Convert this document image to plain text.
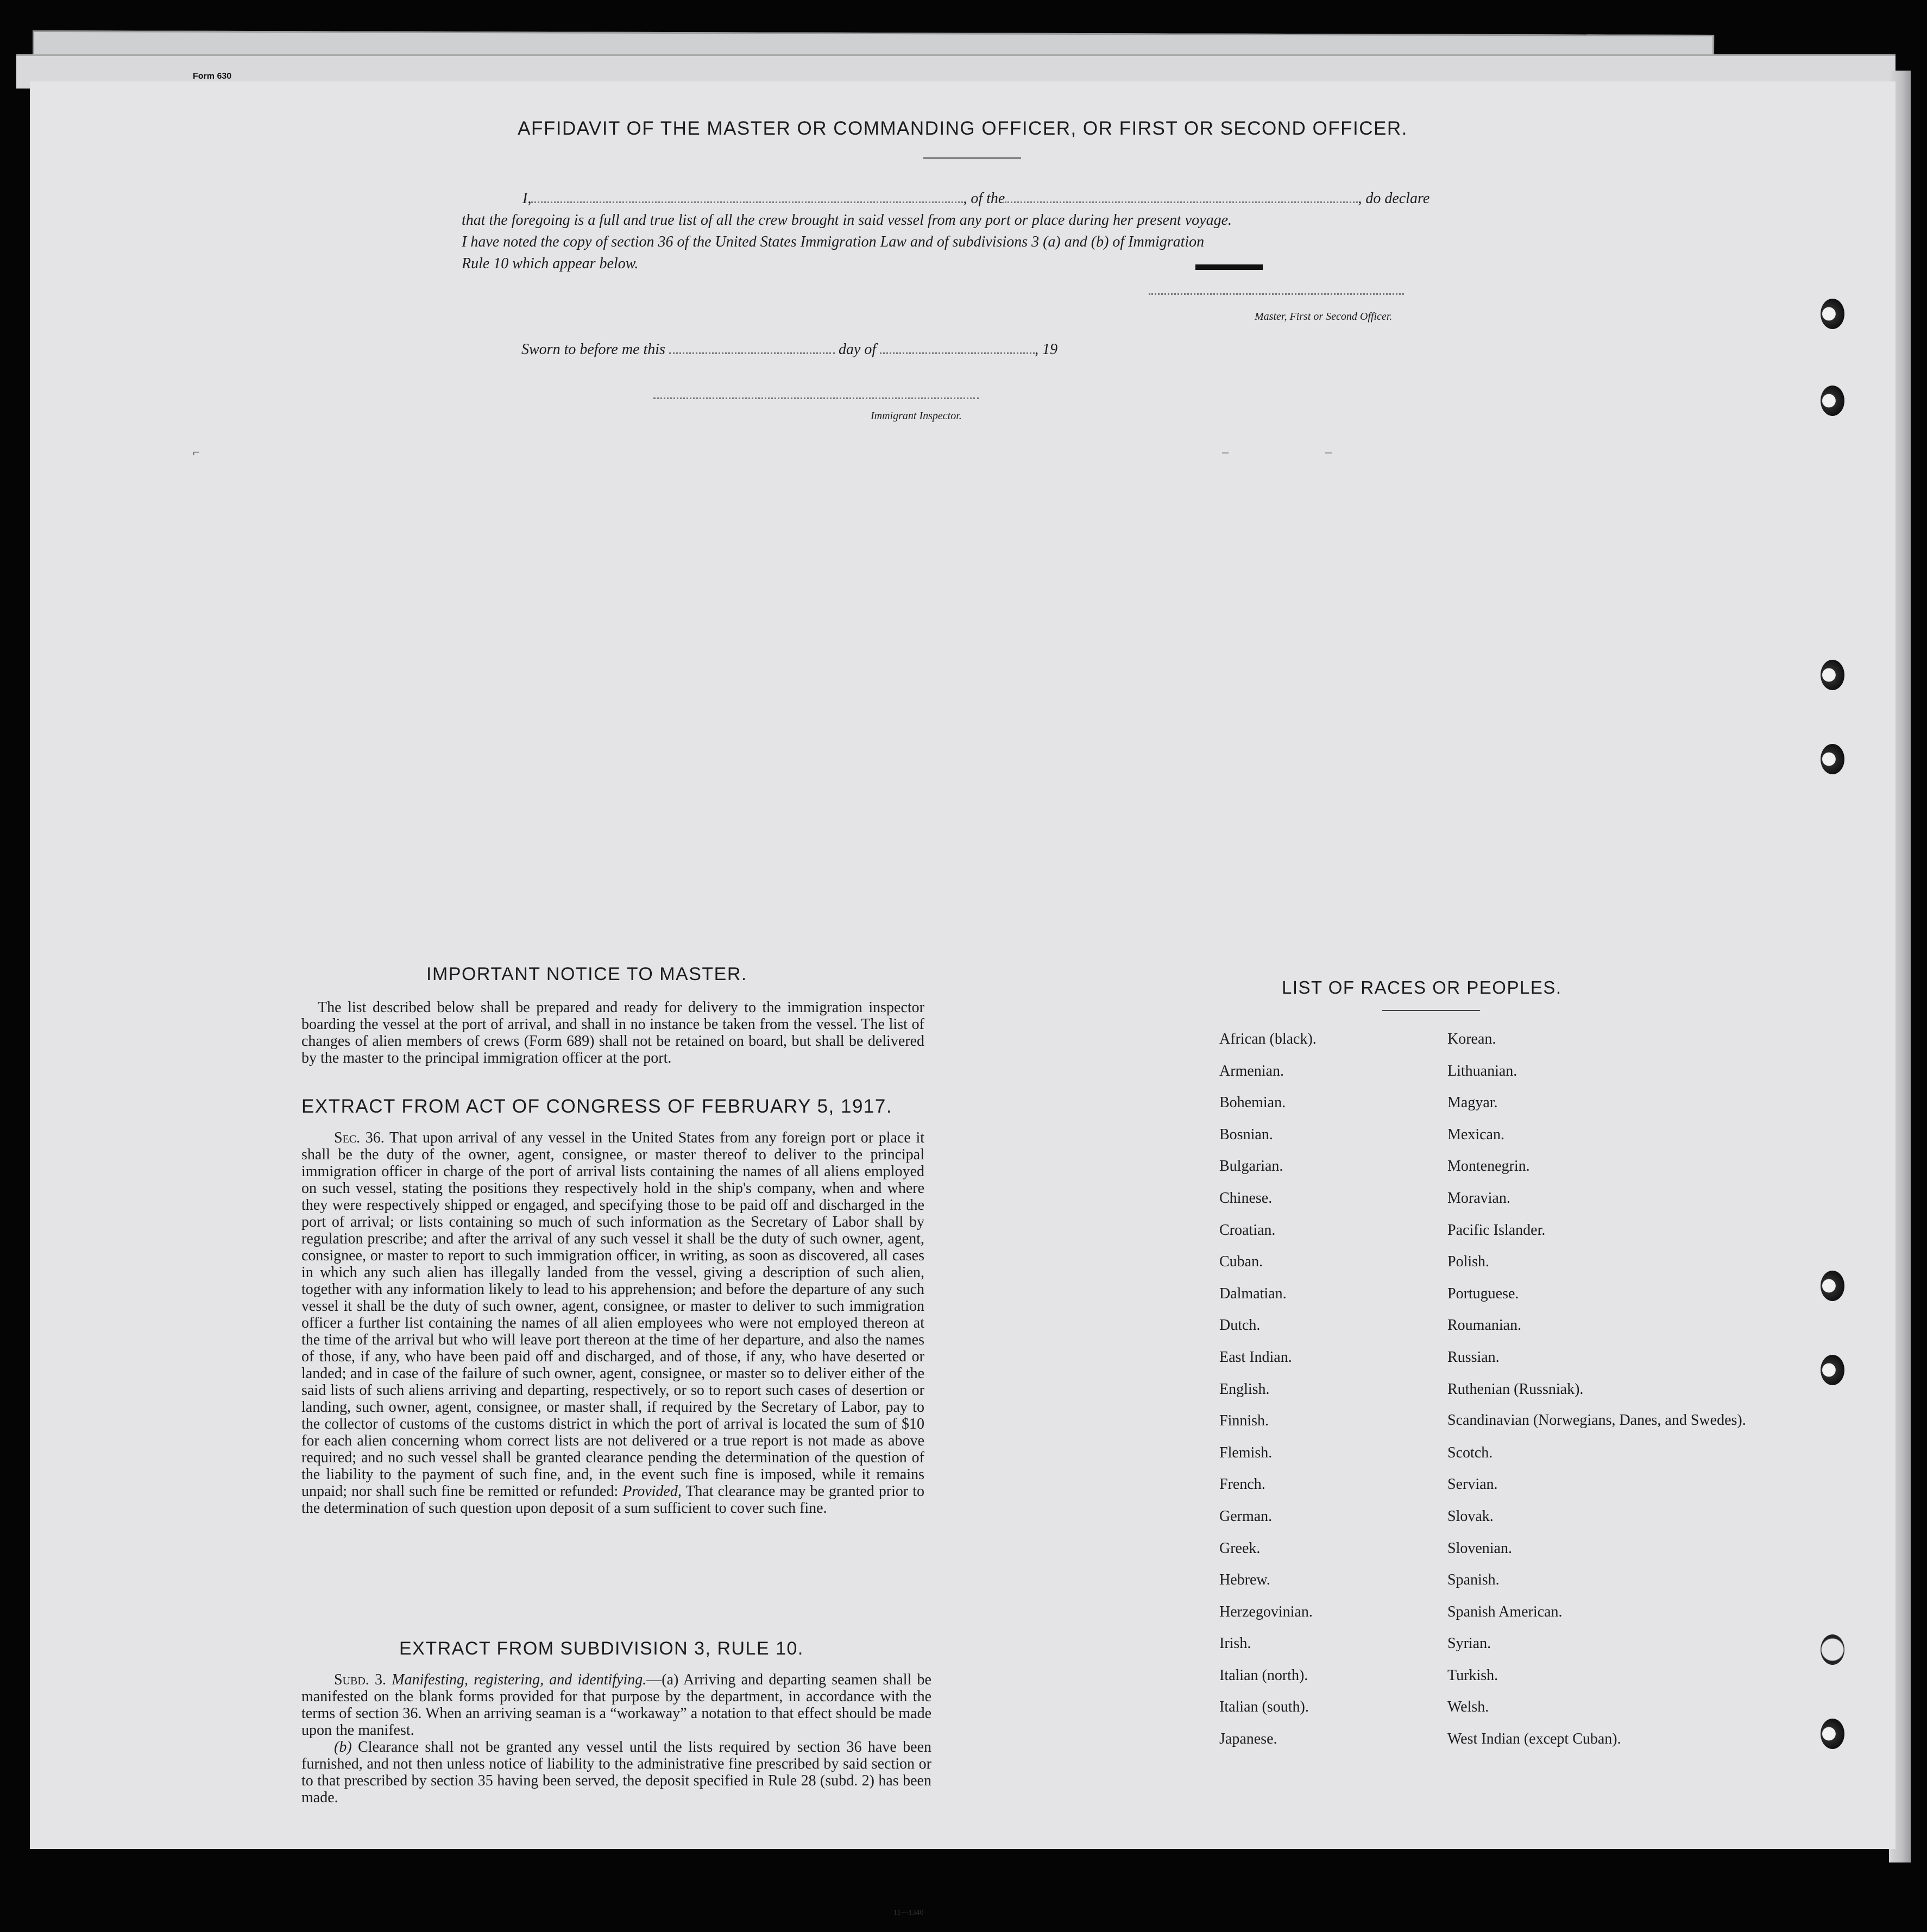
Form 630
AFFIDAVIT OF THE MASTER OR COMMANDING OFFICER, OR FIRST OR SECOND OFFICER.
I,	, of the	, do declare
that the foregoing is a full and true list of all the crew brought in said vessel from any port or place during her present voyage.
I have noted the copy of section 36 of the United States Immigration Law and of subdivisions 3 (a) and (b) of Immigration
Rule 10 which appear below.
Master, First or Second Officer.
Sworn to before me this	day of	, 19
Immigrant Inspector.
IMPORTANT NOTICE TO MASTER.

The list described below shall be prepared and ready for delivery to the immigration inspector boarding the vessel at the port of arrival, and shall in no instance be taken from the vessel. The list of changes of alien members of crews (Form 689) shall not be retained on board, but shall be delivered by the master to the principal immigration officer at the port.

EXTRACT FROM ACT OF CONGRESS OF FEBRUARY 5, 1917.

Sec. 36. That upon arrival of any vessel in the United States from any foreign port or place it shall be the duty of the owner, agent, consignee, or master thereof to deliver to the principal immigration officer in charge of the port of arrival lists containing the names of all aliens employed on such vessel, stating the positions they respectively hold in the ship's company, when and where they were respectively shipped or engaged, and specifying those to be paid off and discharged in the port of arrival; or lists containing so much of such information as the Secretary of Labor shall by regulation prescribe; and after the arrival of any such vessel it shall be the duty of such owner, agent, consignee, or master to report to such immigration officer, in writing, as soon as discovered, all cases in which any such alien has illegally landed from the vessel, giving a description of such alien, together with any information likely to lead to his apprehension; and before the departure of any such vessel it shall be the duty of such owner, agent, consignee, or master to deliver to such immigration officer a further list containing the names of all alien employees who were not employed thereon at the time of the arrival but who will leave port thereon at the time of her departure, and also the names of those, if any, who have been paid off and discharged, and of those, if any, who have deserted or landed; and in case of the failure of such owner, agent, consignee, or master so to deliver either of the said lists of such aliens arriving and departing, respectively, or so to report such cases of desertion or landing, such owner, agent, consignee, or master shall, if required by the Secretary of Labor, pay to the collector of customs of the customs district in which the port of arrival is located the sum of $10 for each alien concerning whom correct lists are not delivered or a true report is not made as above required; and no such vessel shall be granted clearance pending the determination of the question of the liability to the payment of such fine, and, in the event such fine is imposed, while it remains unpaid; nor shall such fine be remitted or refunded: Provided, That clearance may be granted prior to the determination of such question upon deposit of a sum sufficient to cover such fine.

EXTRACT FROM SUBDIVISION 3, RULE 10.

Subd. 3. Manifesting, registering, and identifying.—(a) Arriving and departing seamen shall be manifested on the blank forms provided for that purpose by the department, in accordance with the terms of section 36. When an arriving seaman is a “workaway” a notation to that effect should be made upon the manifest.

(b) Clearance shall not be granted any vessel until the lists required by section 36 have been furnished, and not then unless notice of liability to the administrative fine prescribed by said section or to that prescribed by section 35 having been served, the deposit specified in Rule 28 (subd. 2) has been made.

11—1340
LIST OF RACES OR PEOPLES.
African (black).	Korean.
Armenian.	Lithuanian.
Bohemian.	Magyar.
Bosnian.	Mexican.
Bulgarian.	Montenegrin.
Chinese.	Moravian.
Croatian.	Pacific Islander.
Cuban.	Polish.
Dalmatian.	Portuguese.
Dutch.	Roumanian.
East Indian.	Russian.
English.	Ruthenian (Russniak).
Finnish.	Scandinavian (Norwegians, Danes, and Swedes).
Flemish.	Scotch.
French.	Servian.
German.	Slovak.
Greek.	Slovenian.
Hebrew.	Spanish.
Herzegovinian.	Spanish American.
Irish.	Syrian.
Italian (north).	Turkish.
Italian (south).	Welsh.
Japanese.	West Indian (except Cuban).
⌐	–	–
